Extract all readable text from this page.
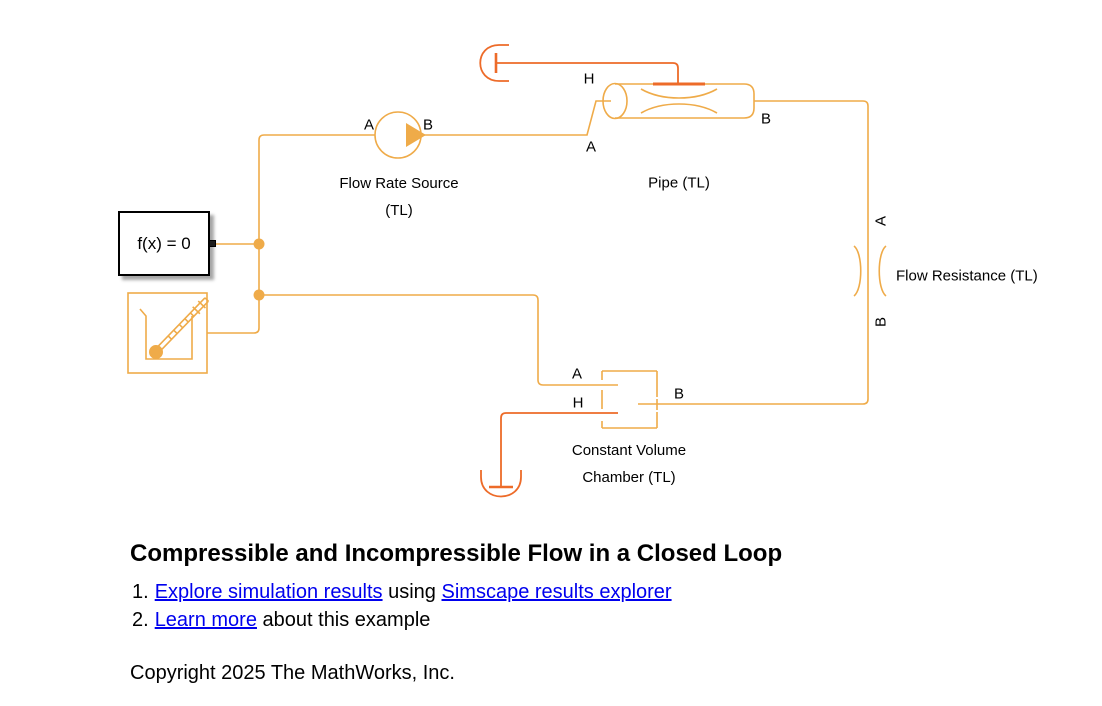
f(x) = 0
A	B
H
A
B
A
B
A
H
B
Flow Rate Source
(TL)
Pipe (TL)
Flow Resistance (TL)
Constant Volume
Chamber (TL)
Compressible and Incompressible Flow in a Closed Loop
1. Explore simulation results using Simscape results explorer
2. Learn more about this example
Copyright 2025 The MathWorks, Inc.
